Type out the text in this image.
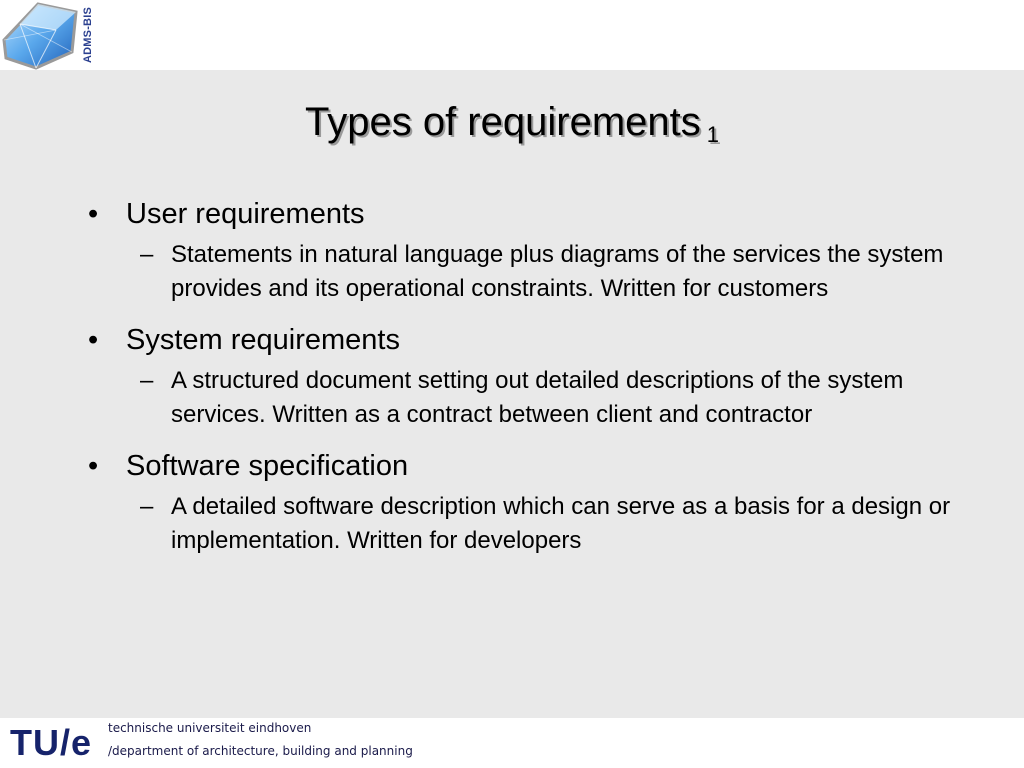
ADMS-BIS
Types of requirements $_1$
• User requirements
– Statements in natural language plus diagrams of the services the system provides and its operational constraints. Written for customers
• System requirements
– A structured document setting out detailed descriptions of the system services. Written as a contract between client and contractor
• Software specification
– A detailed software description which can serve as a basis for a design or implementation. Written for developers
TU/e technische universiteit eindhoven
/department of architecture, building and planning
